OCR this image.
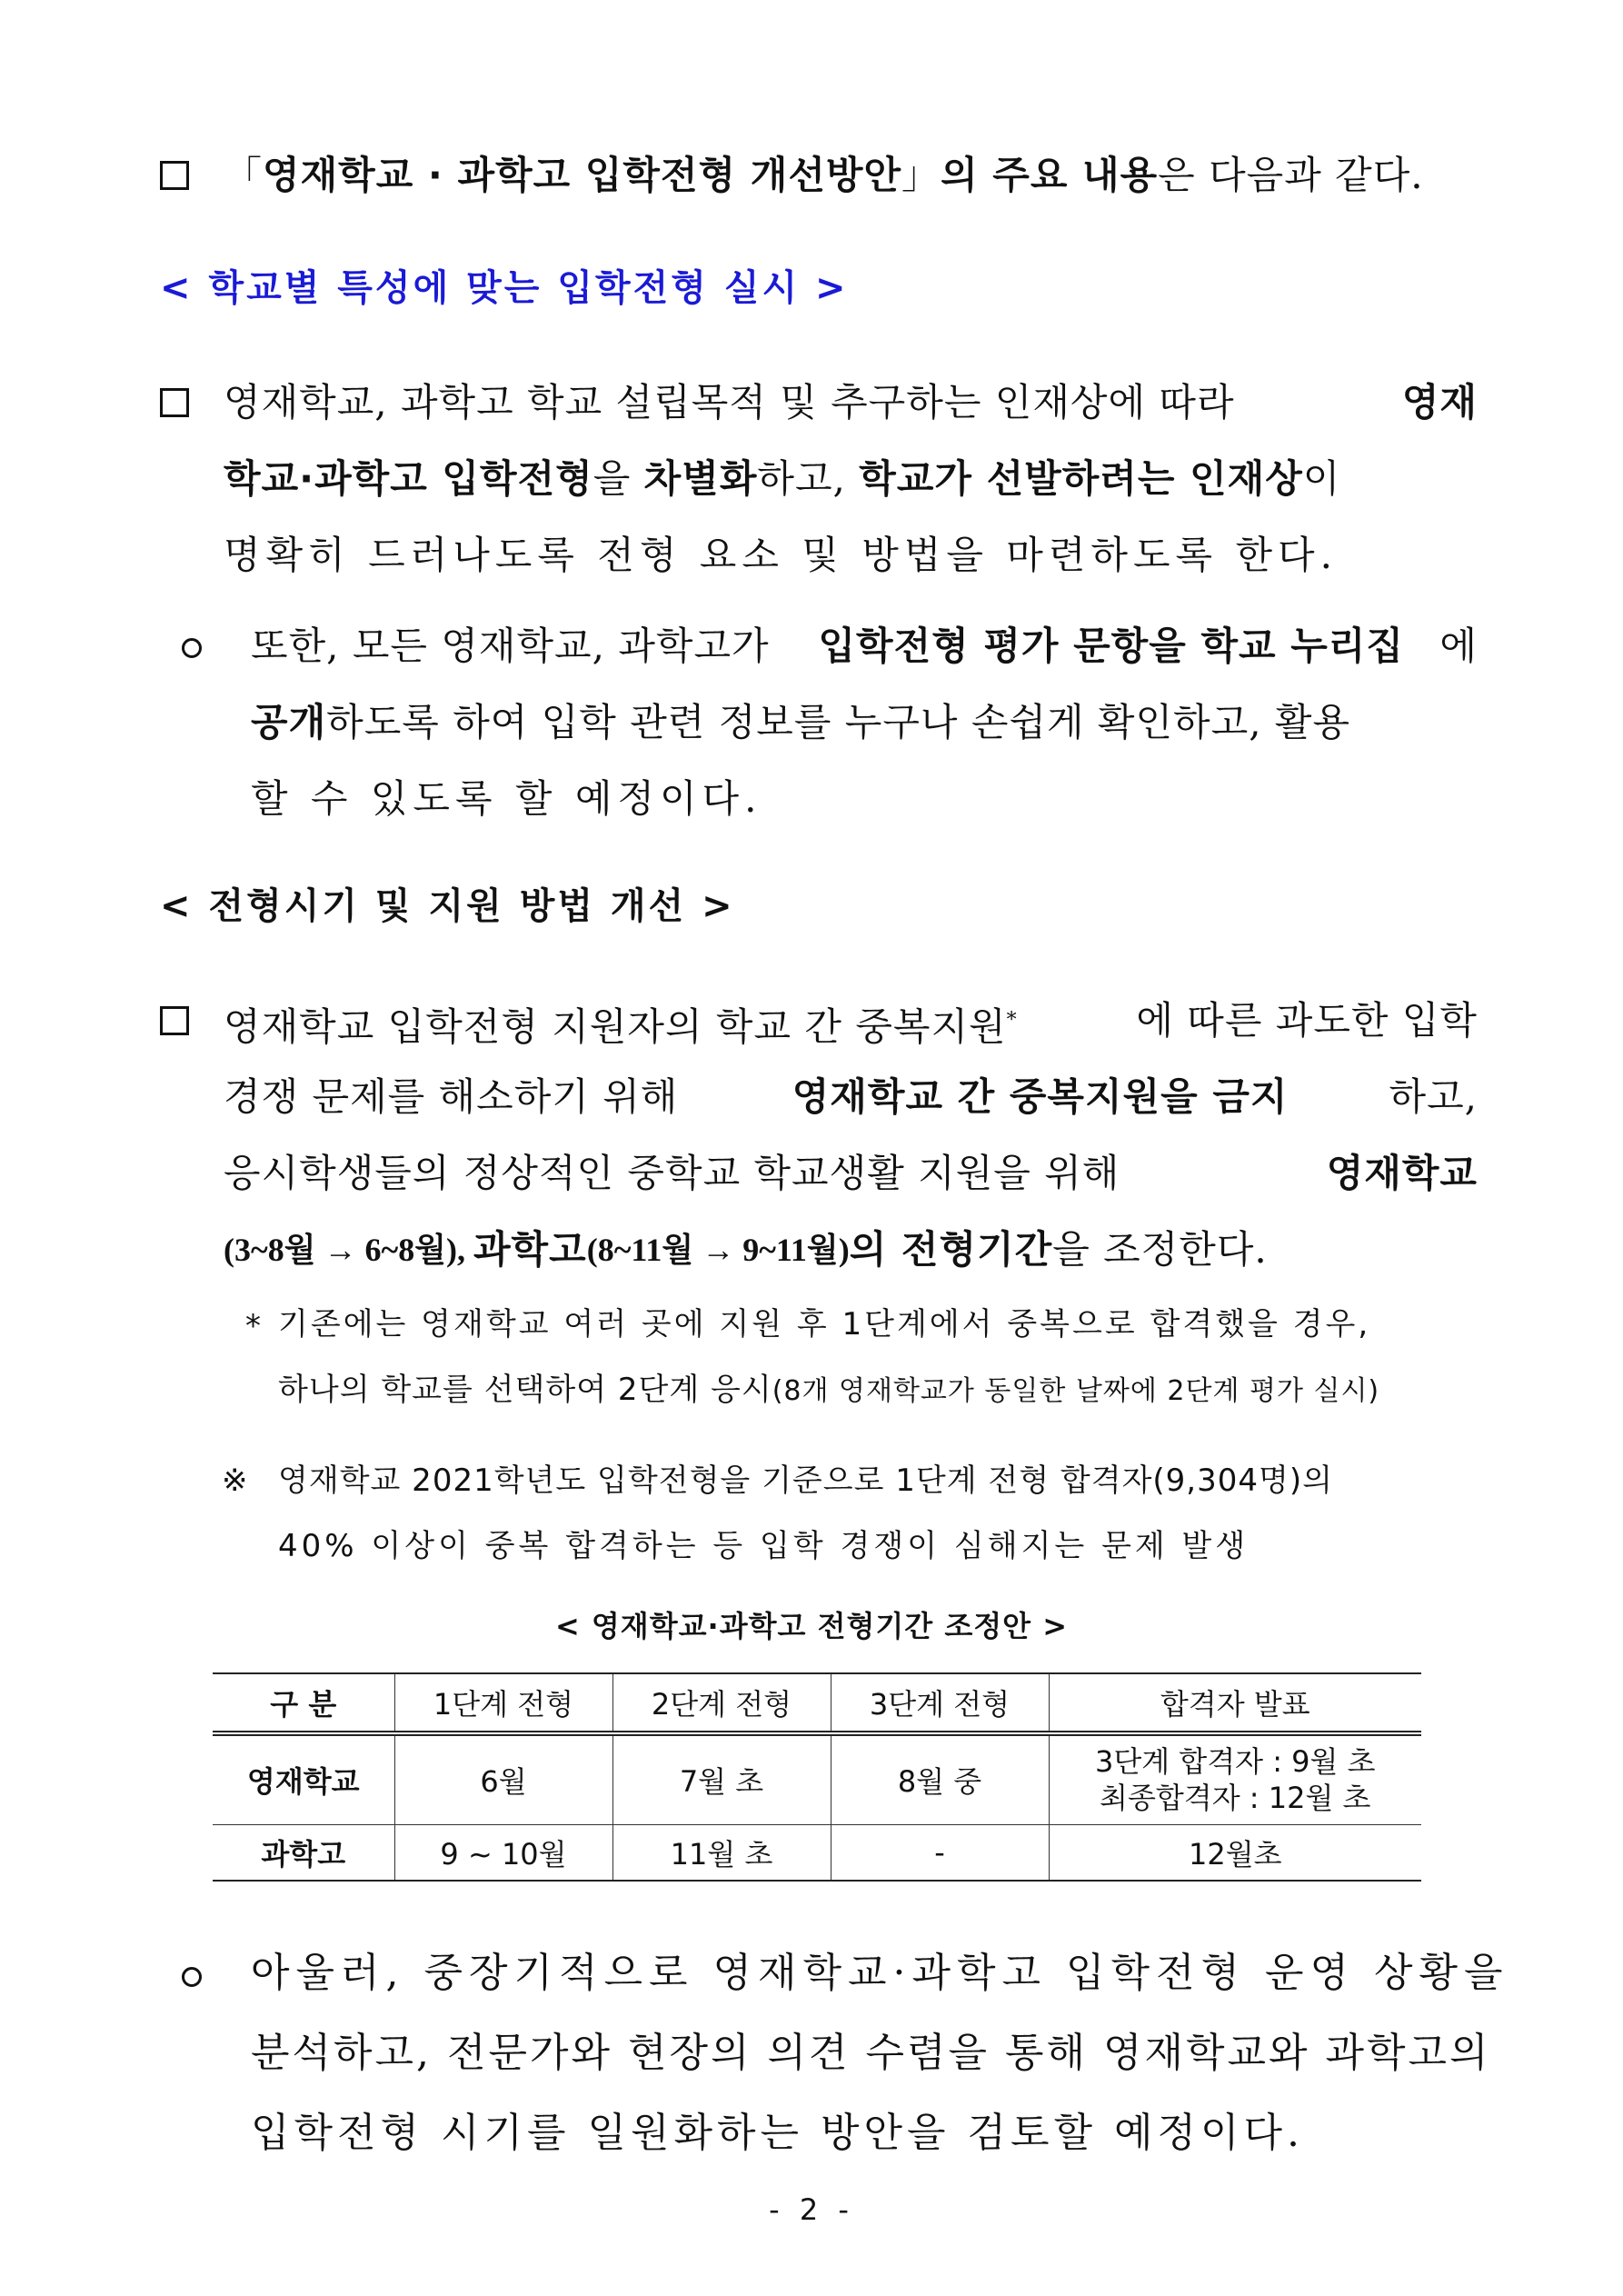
「영재학교 · 과학고 입학전형 개선방안」의 주요 내용은 다음과 같다.
< 학교별 특성에 맞는 입학전형 실시 >
영재학교, 과학고 학교 설립목적 및 추구하는 인재상에 따라	영재
학교·과학고 입학전형 을 차별화 하고, 학교가 선발하려는 인재상 이
명확히 드러나도록 전형 요소 및 방법을 마련하도록 한다.
또한, 모든 영재학교, 과학고가 입학전형 평가 문항을 학교 누리집 에
공개 하도록 하여 입학 관련 정보를 누구나 손쉽게 확인하고, 활용
할 수 있도록 할 예정이다.
< 전형시기 및 지원 방법 개선 >
영재학교 입학전형 지원자의 학교 간 중복지원*	에 따른 과도한 입학
경쟁 문제를 해소하기 위해	영재학교 간 중복지원을 금지	하고,
응시학생들의 정상적인 중학교 학교생활 지원을 위해	영재학교
(3~8월 → 6~8월), 과학고 (8~11월 → 9~11월) 의 전형기간 을 조정한다.
* 기존에는 영재학교 여러 곳에 지원 후 1단계에서 중복으로 합격했을 경우,
하나의 학교를 선택하여 2단계 응시(8개 영재학교가 동일한 날짜에 2단계 평가 실시)
※ 영재학교 2021학년도 입학전형을 기준으로 1단계 전형 합격자(9,304명)의
40% 이상이 중복 합격하는 등 입학 경쟁이 심해지는 문제 발생
< 영재학교·과학고 전형기간 조정안 >
구 분	1단계 전형	2단계 전형	3단계 전형	합격자 발표
영재학교	6월	7월 초	8월 중	3단계 합격자 : 9월 초
최종합격자 : 12월 초

과학고	9 ~ 10월	11월 초	-	12월초
아울러, 중장기적으로 영재학교·과학고 입학전형 운영 상황을
분석하고, 전문가와 현장의 의견 수렴을 통해 영재학교와 과학고의
입학전형 시기를 일원화하는 방안을 검토할 예정이다.
- 2 -
